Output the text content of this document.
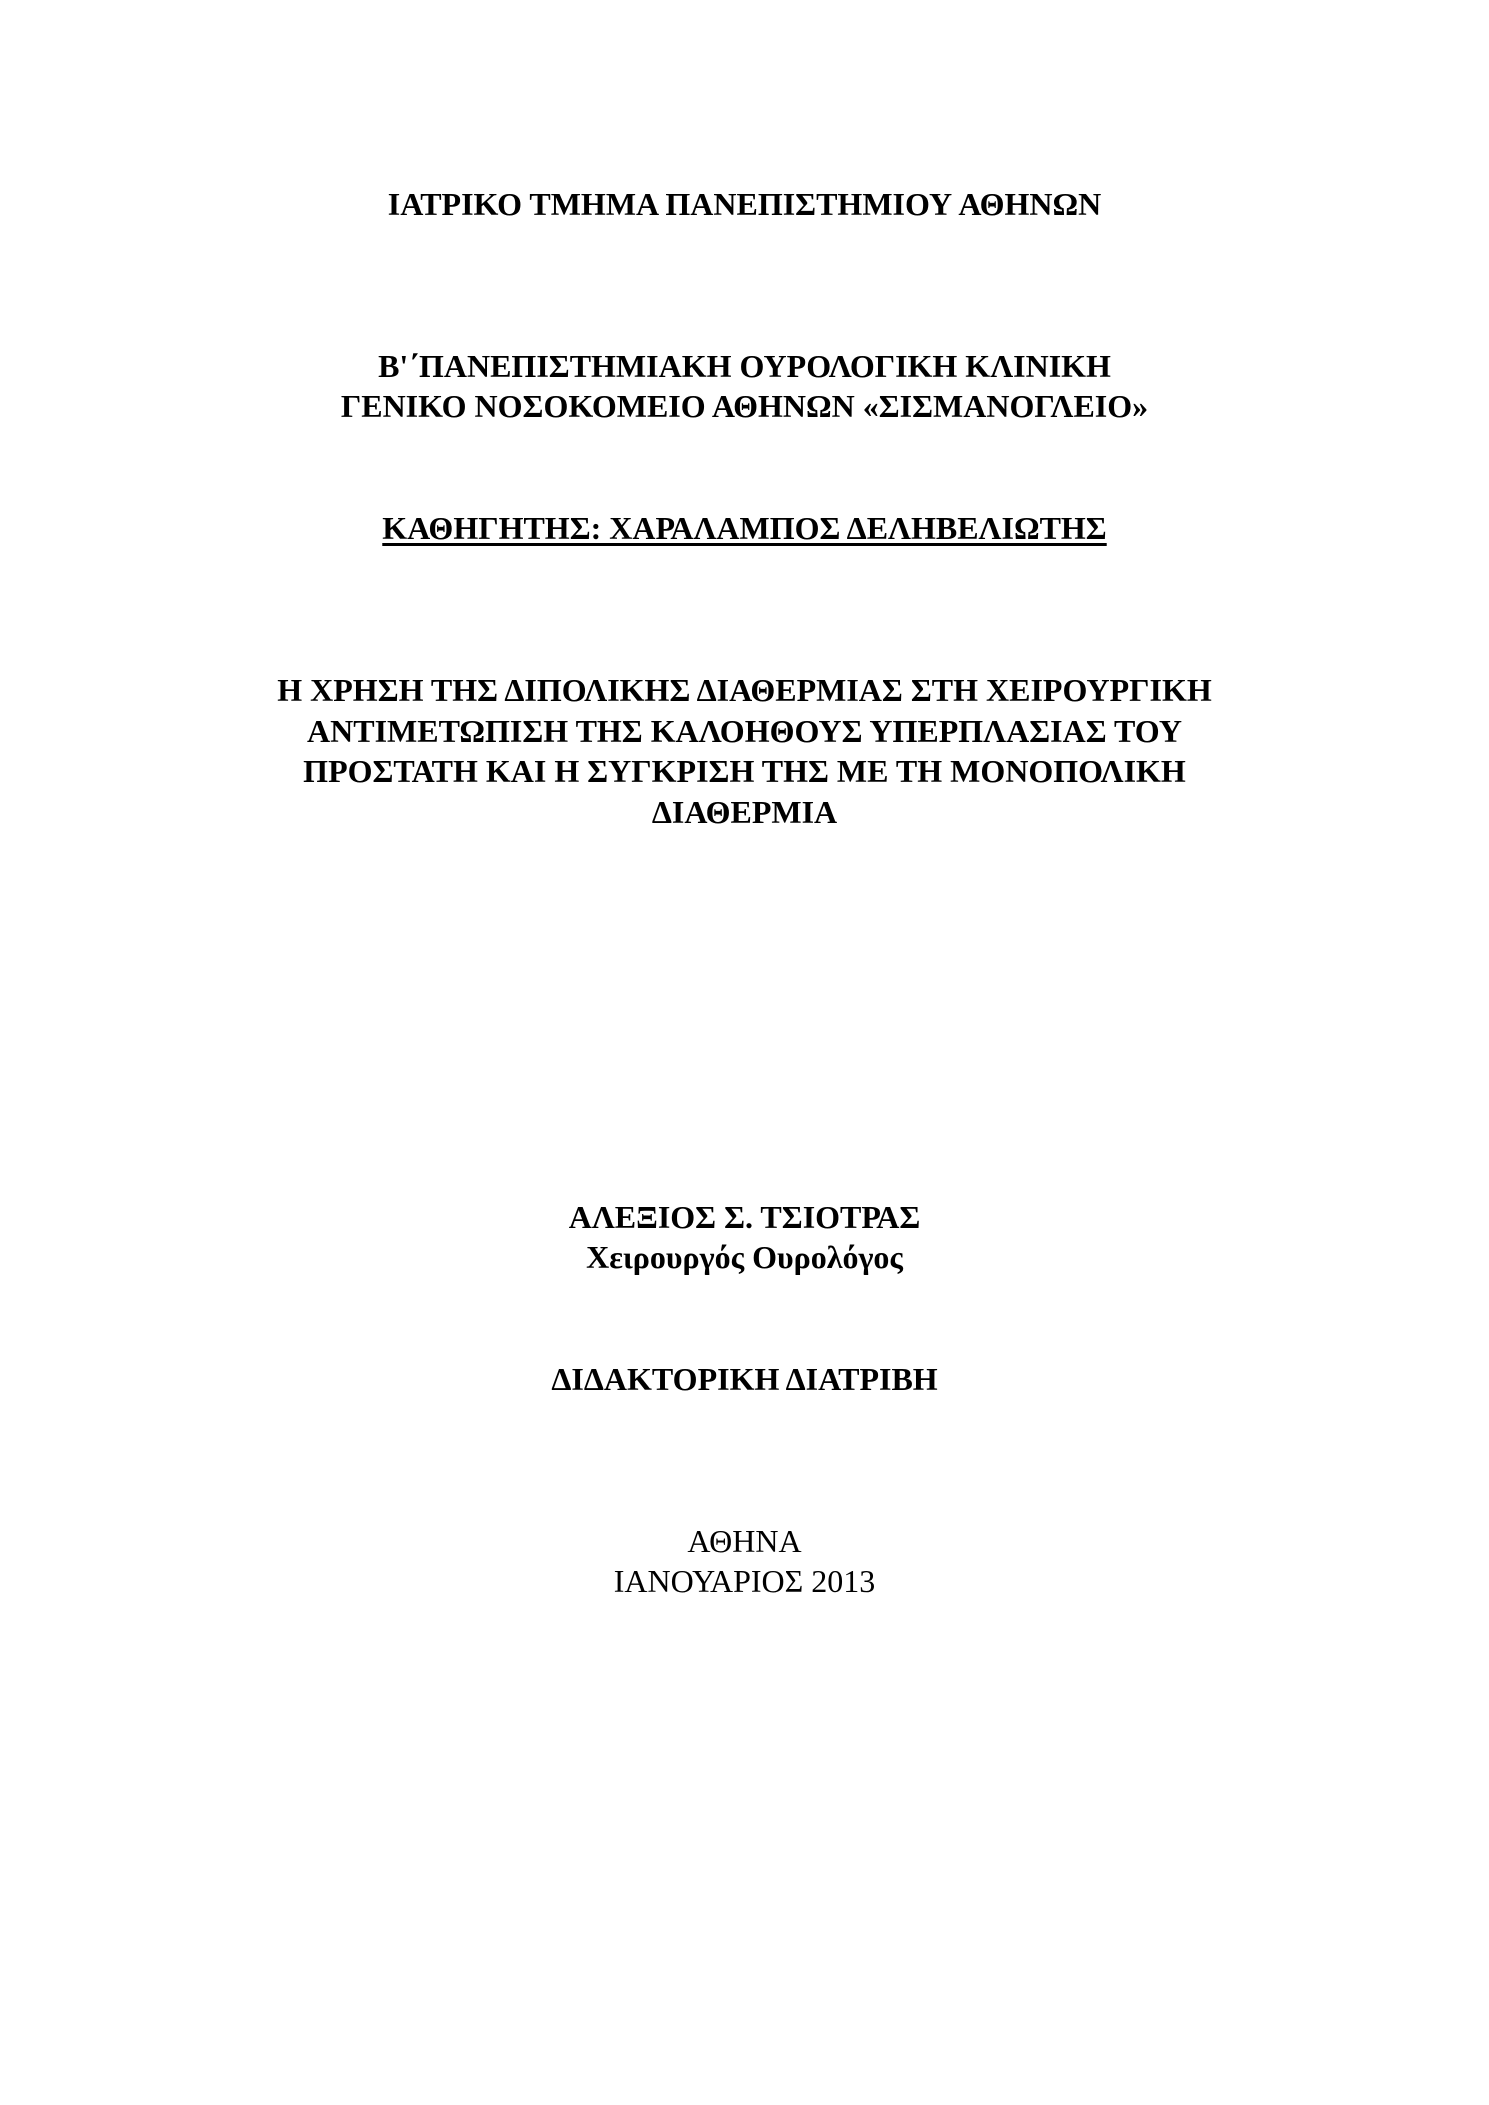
ΙΑΤΡΙΚΟ ΤΜΗΜΑ ΠΑΝΕΠΙΣΤΗΜΙΟΥ ΑΘΗΝΩΝ
Β'΄ΠΑΝΕΠΙΣΤΗΜΙΑΚΗ ΟΥΡΟΛΟΓΙΚΗ ΚΛΙΝΙΚΗ
ΓΕΝΙΚΟ ΝΟΣΟΚΟΜΕΙΟ ΑΘΗΝΩΝ «ΣΙΣΜΑΝΟΓΛΕΙΟ»
ΚΑΘΗΓΗΤΗΣ: ΧΑΡΑΛΑΜΠΟΣ ΔΕΛΗΒΕΛΙΩΤΗΣ
Η ΧΡΗΣΗ ΤΗΣ ΔΙΠΟΛΙΚΗΣ ΔΙΑΘΕΡΜΙΑΣ ΣΤΗ ΧΕΙΡΟΥΡΓΙΚΗ
ΑΝΤΙΜΕΤΩΠΙΣΗ ΤΗΣ ΚΑΛΟΗΘΟΥΣ ΥΠΕΡΠΛΑΣΙΑΣ ΤΟΥ
ΠΡΟΣΤΑΤΗ ΚΑΙ Η ΣΥΓΚΡΙΣΗ ΤΗΣ ΜΕ ΤΗ ΜΟΝΟΠΟΛΙΚΗ
ΔΙΑΘΕΡΜΙΑ
ΑΛΕΞΙΟΣ Σ. ΤΣΙΟΤΡΑΣ
Χειρουργός Ουρολόγος
ΔΙΔΑΚΤΟΡΙΚΗ ΔΙΑΤΡΙΒΗ
ΑΘΗΝΑ
ΙΑΝΟΥΑΡΙΟΣ 2013
